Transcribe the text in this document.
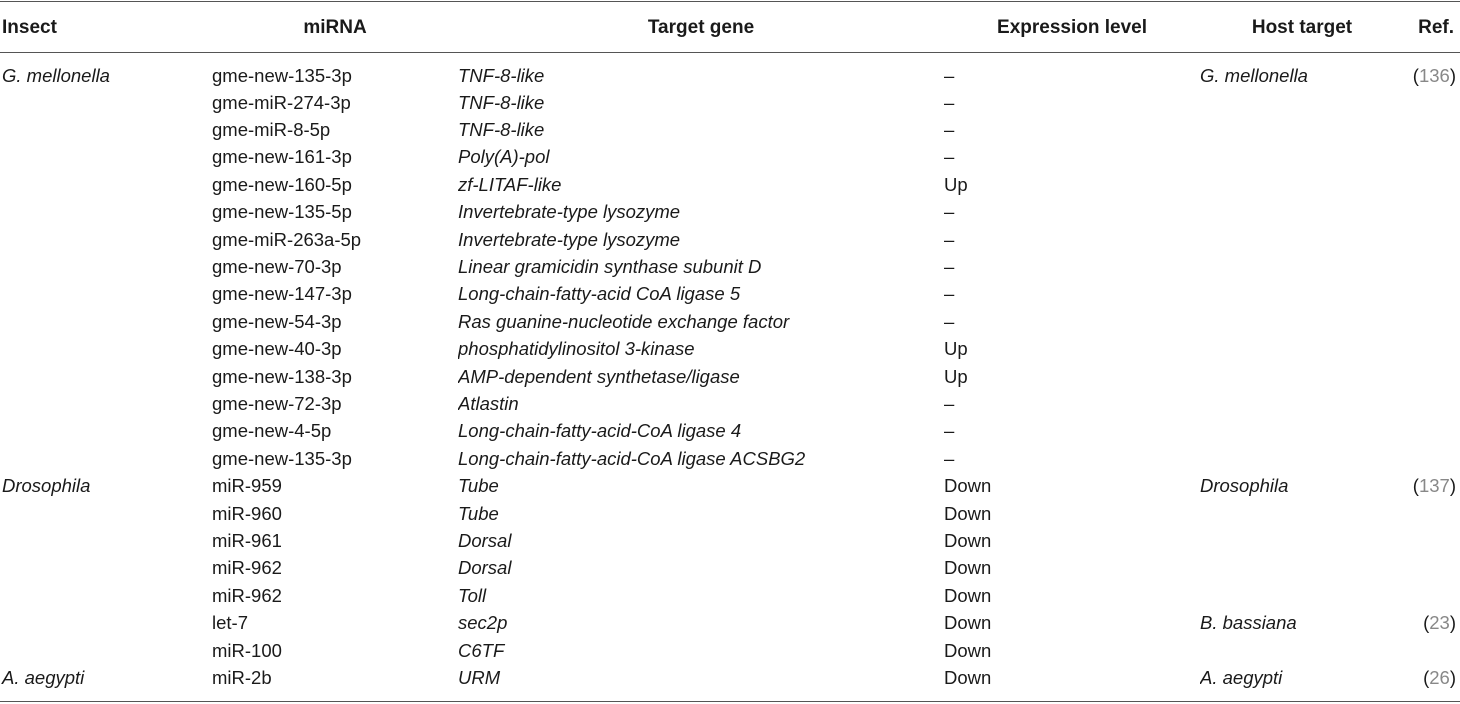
Insect	miRNA	Target gene	Expression level	Host target	Ref.
G. mellonella	gme-new-135-3p	TNF-8-like	–	G. mellonella	(136)
	gme-miR-274-3p	TNF-8-like	–		
	gme-miR-8-5p	TNF-8-like	–		
	gme-new-161-3p	Poly(A)-pol	–		
	gme-new-160-5p	zf-LITAF-like	Up		
	gme-new-135-5p	Invertebrate-type lysozyme	–		
	gme-miR-263a-5p	Invertebrate-type lysozyme	–		
	gme-new-70-3p	Linear gramicidin synthase subunit D	–		
	gme-new-147-3p	Long-chain-fatty-acid CoA ligase 5	–		
	gme-new-54-3p	Ras guanine-nucleotide exchange factor	–		
	gme-new-40-3p	phosphatidylinositol 3-kinase	Up		
	gme-new-138-3p	AMP-dependent synthetase/ligase	Up		
	gme-new-72-3p	Atlastin	–		
	gme-new-4-5p	Long-chain-fatty-acid-CoA ligase 4	–		
	gme-new-135-3p	Long-chain-fatty-acid-CoA ligase ACSBG2	–		
Drosophila	miR-959	Tube	Down	Drosophila	(137)
	miR-960	Tube	Down		
	miR-961	Dorsal	Down		
	miR-962	Dorsal	Down		
	miR-962	Toll	Down		
	let-7	sec2p	Down	B. bassiana	(23)
	miR-100	C6TF	Down		
A. aegypti	miR-2b	URM	Down	A. aegypti	(26)
